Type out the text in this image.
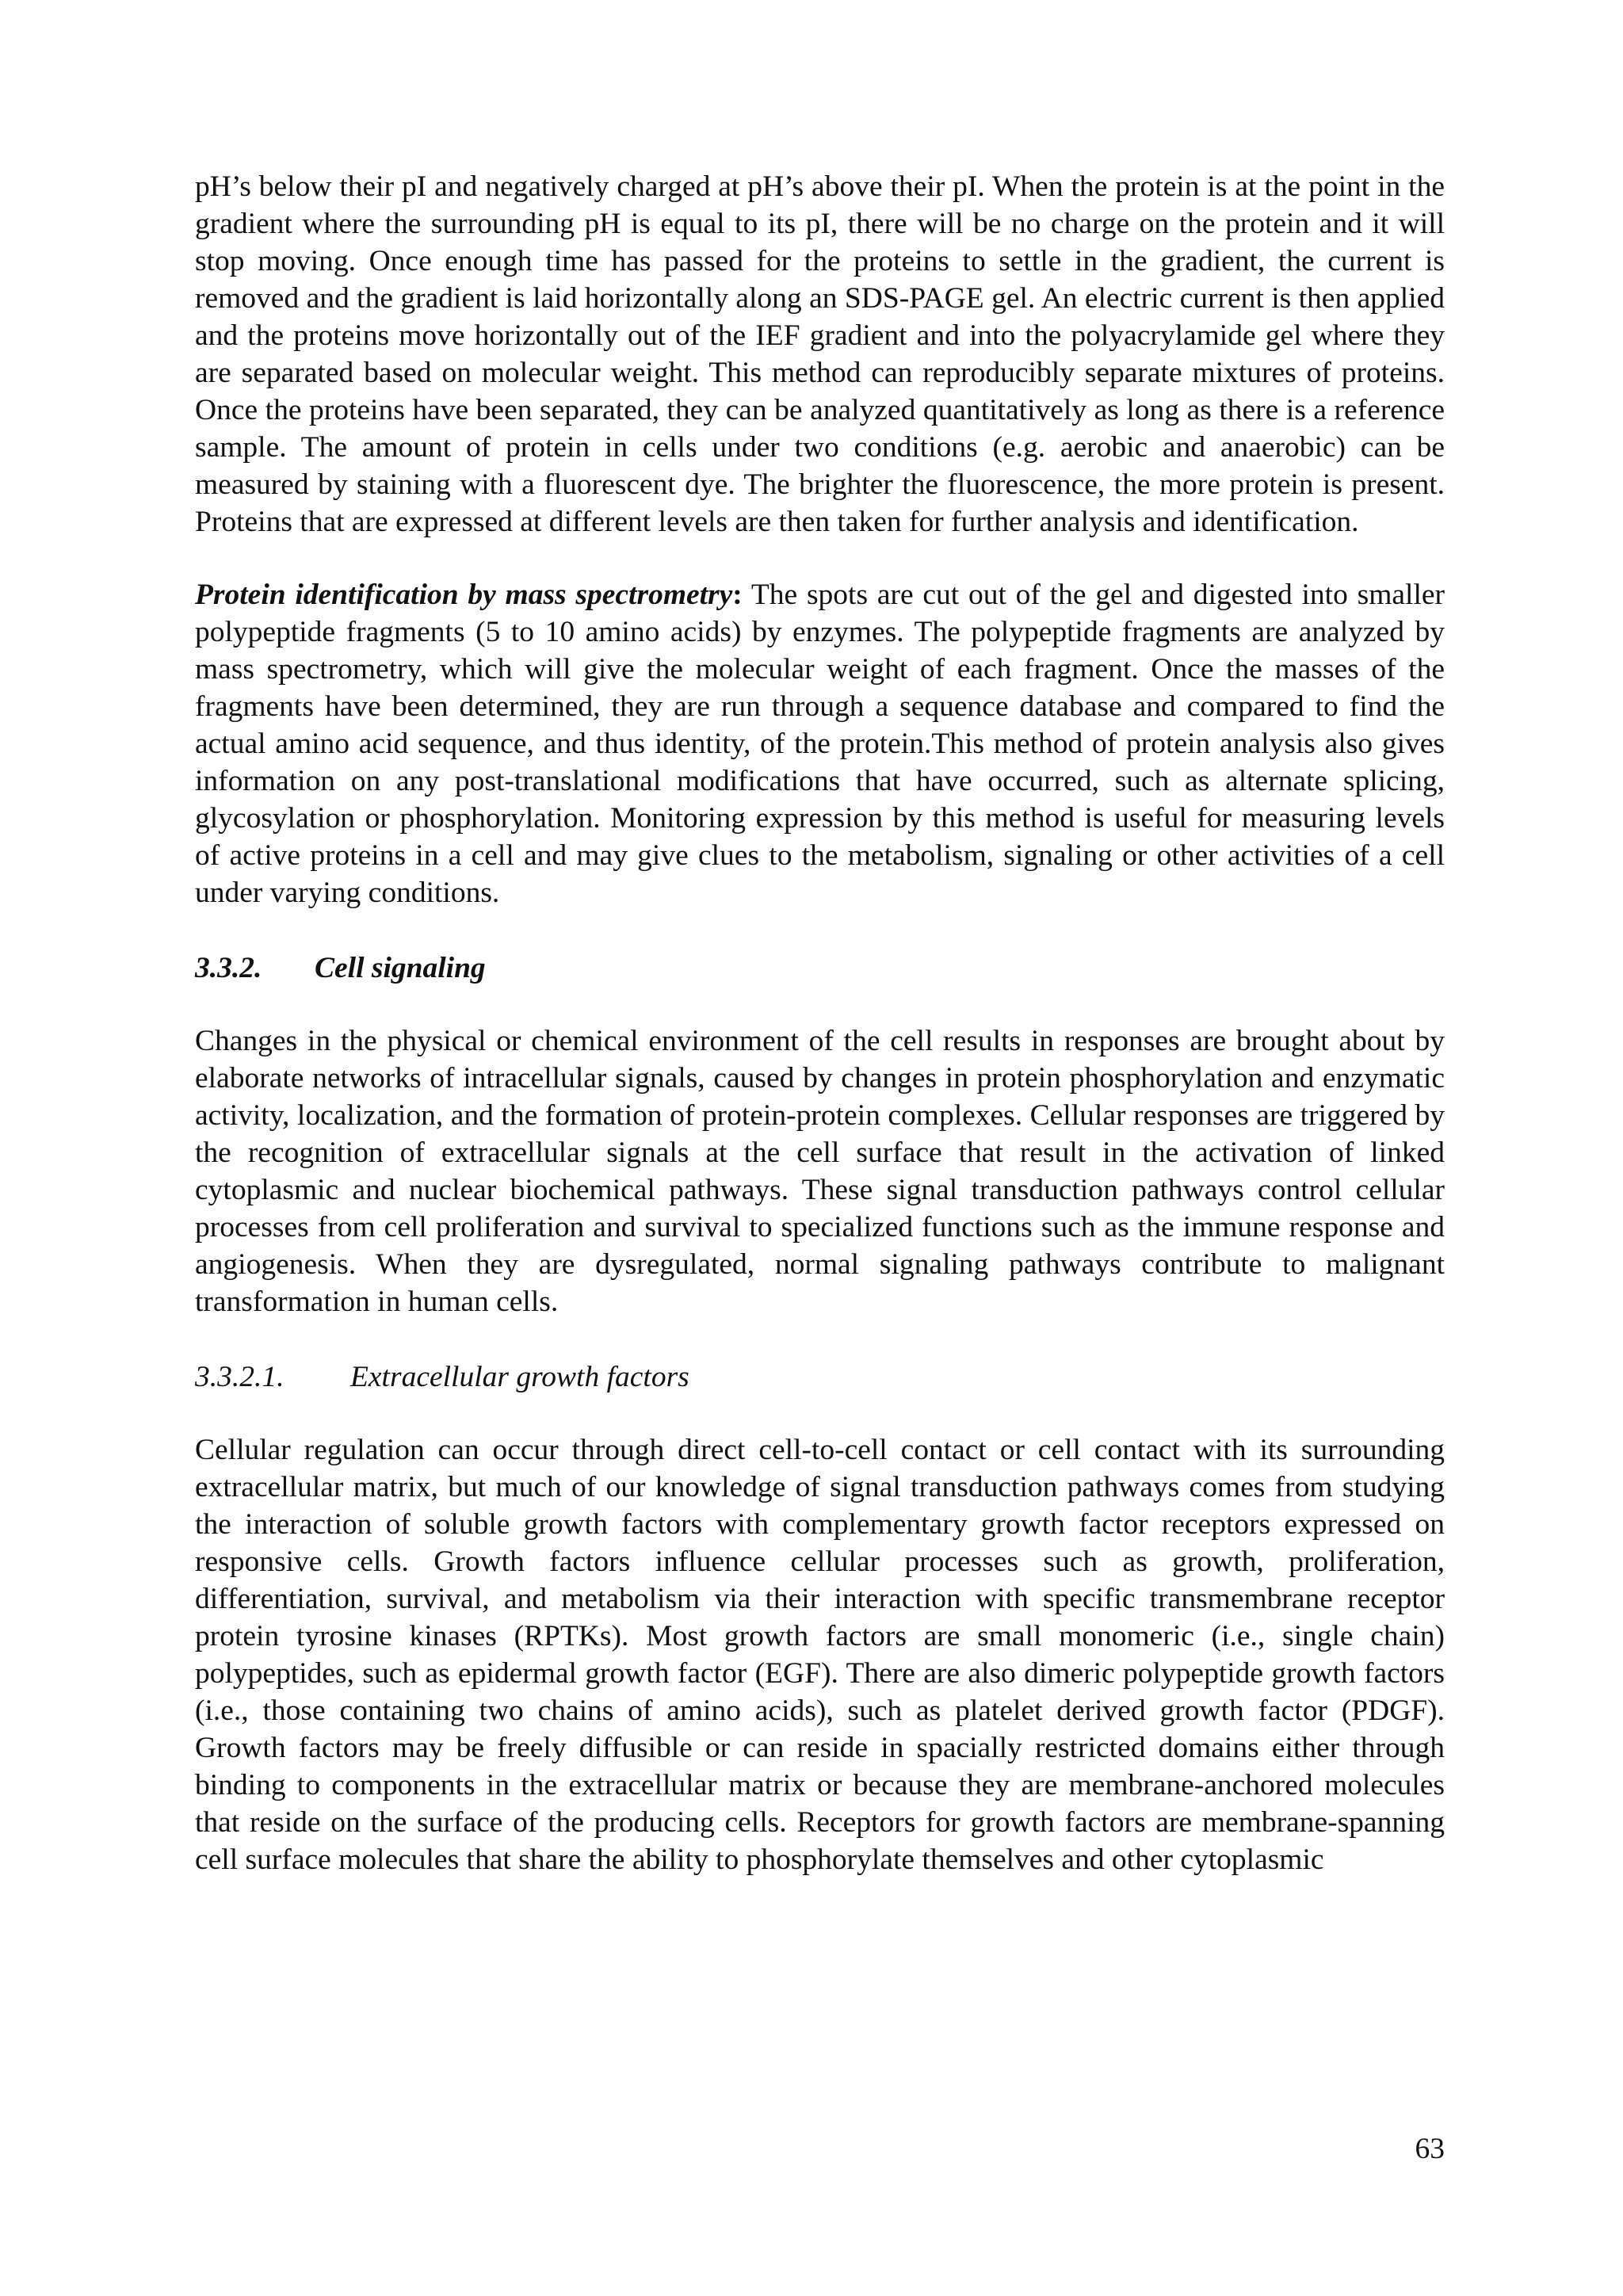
pH’s below their pI and negatively charged at pH’s above their pI. When the protein is at the point in the gradient where the surrounding pH is equal to its pI, there will be no charge on the protein and it will stop moving. Once enough time has passed for the proteins to settle in the gradient, the current is removed and the gradient is laid horizontally along an SDS-PAGE gel. An electric current is then applied and the proteins move horizontally out of the IEF gradient and into the polyacrylamide gel where they are separated based on molecular weight. This method can reproducibly separate mixtures of proteins. Once the proteins have been separated, they can be analyzed quantitatively as long as there is a reference sample. The amount of protein in cells under two conditions (e.g. aerobic and anaerobic) can be measured by staining with a fluorescent dye. The brighter the fluorescence, the more protein is present. Proteins that are expressed at different levels are then taken for further analysis and identification.

Protein identification by mass spectrometry: The spots are cut out of the gel and digested into smaller polypeptide fragments (5 to 10 amino acids) by enzymes. The polypeptide fragments are analyzed by mass spectrometry, which will give the molecular weight of each fragment. Once the masses of the fragments have been determined, they are run through a sequence database and compared to find the actual amino acid sequence, and thus identity, of the protein.This method of protein analysis also gives information on any post-translational modifications that have occurred, such as alternate splicing, glycosylation or phosphorylation. Monitoring expression by this method is useful for measuring levels of active proteins in a cell and may give clues to the metabolism, signaling or other activities of a cell under varying conditions.

3.3.2. Cell signaling

Changes in the physical or chemical environment of the cell results in responses are brought about by elaborate networks of intracellular signals, caused by changes in protein phosphorylation and enzymatic activity, localization, and the formation of protein-protein complexes. Cellular responses are triggered by the recognition of extracellular signals at the cell surface that result in the activation of linked cytoplasmic and nuclear biochemical pathways. These signal transduction pathways control cellular processes from cell proliferation and survival to specialized functions such as the immune response and angiogenesis. When they are dysregulated, normal signaling pathways contribute to malignant transformation in human cells.

3.3.2.1. Extracellular growth factors

Cellular regulation can occur through direct cell-to-cell contact or cell contact with its surrounding extracellular matrix, but much of our knowledge of signal transduction pathways comes from studying the interaction of soluble growth factors with complementary growth factor receptors expressed on responsive cells. Growth factors influence cellular processes such as growth, proliferation, differentiation, survival, and metabolism via their interaction with specific transmembrane receptor protein tyrosine kinases (RPTKs). Most growth factors are small monomeric (i.e., single chain) polypeptides, such as epidermal growth factor (EGF). There are also dimeric polypeptide growth factors (i.e., those containing two chains of amino acids), such as platelet derived growth factor (PDGF). Growth factors may be freely diffusible or can reside in spacially restricted domains either through binding to components in the extracellular matrix or because they are membrane-anchored molecules that reside on the surface of the producing cells. Receptors for growth factors are membrane-spanning cell surface molecules that share the ability to phosphorylate themselves and other cytoplasmic

63
